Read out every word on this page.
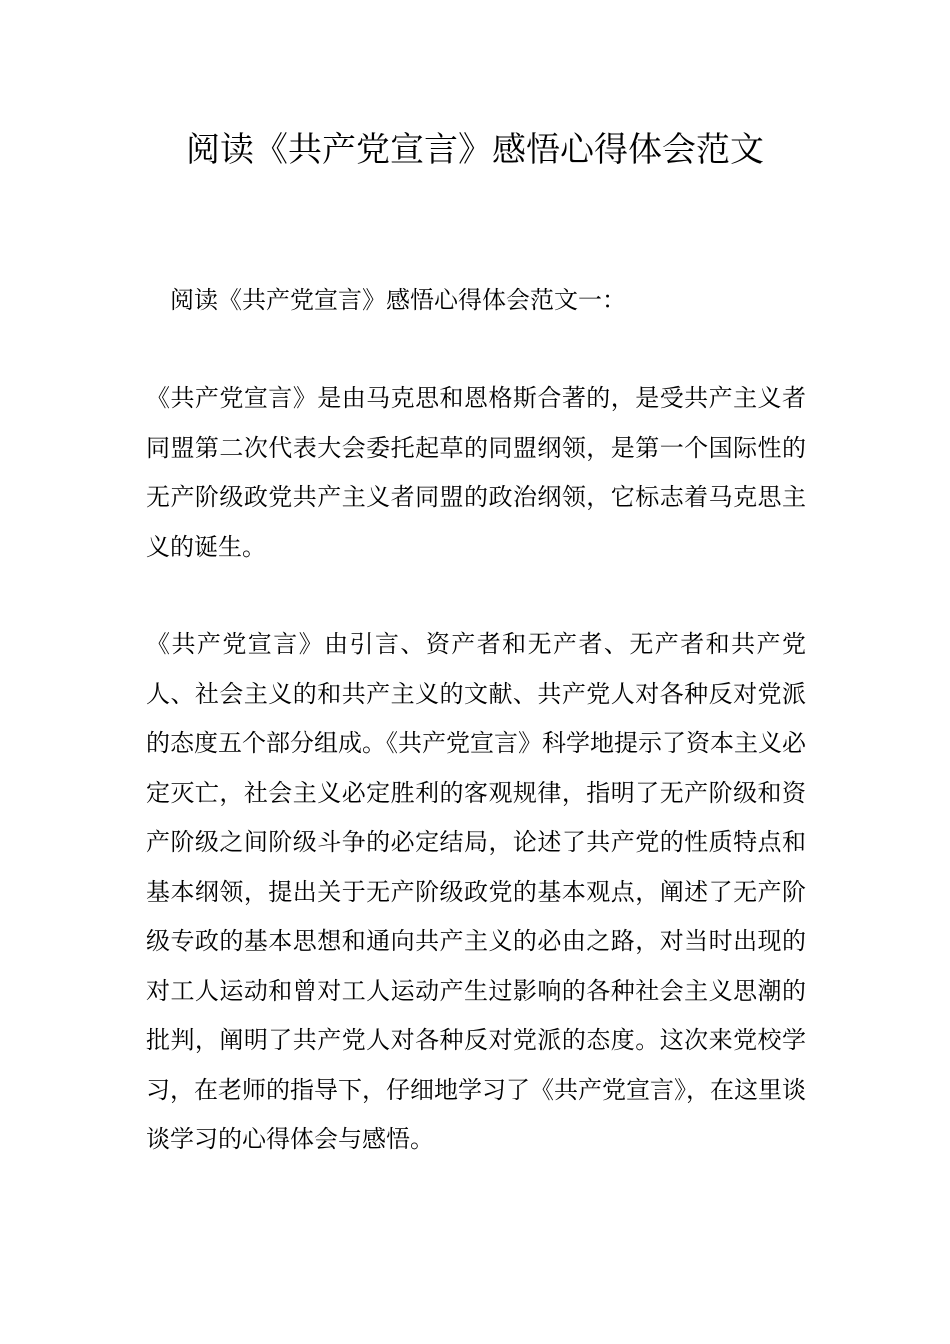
阅读《共产党宣言》感悟心得体会范文

阅读《共产党宣言》感悟心得体会范文一：

《共产党宣言》是由马克思和恩格斯合著的，是受共产主义者同盟第二次代表大会委托起草的同盟纲领，是第一个国际性的无产阶级政党共产主义者同盟的政治纲领，它标志着马克思主义的诞生。

《共产党宣言》由引言、资产者和无产者、无产者和共产党人、社会主义的和共产主义的文献、共产党人对各种反对党派的态度五个部分组成。《共产党宣言》科学地提示了资本主义必定灭亡，社会主义必定胜利的客观规律，指明了无产阶级和资产阶级之间阶级斗争的必定结局，论述了共产党的性质特点和基本纲领，提出关于无产阶级政党的基本观点，阐述了无产阶级专政的基本思想和通向共产主义的必由之路，对当时出现的对工人运动和曾对工人运动产生过影响的各种社会主义思潮的批判，阐明了共产党人对各种反对党派的态度。这次来党校学习，在老师的指导下，仔细地学习了《共产党宣言》，在这里谈谈学习的心得体会与感悟。
